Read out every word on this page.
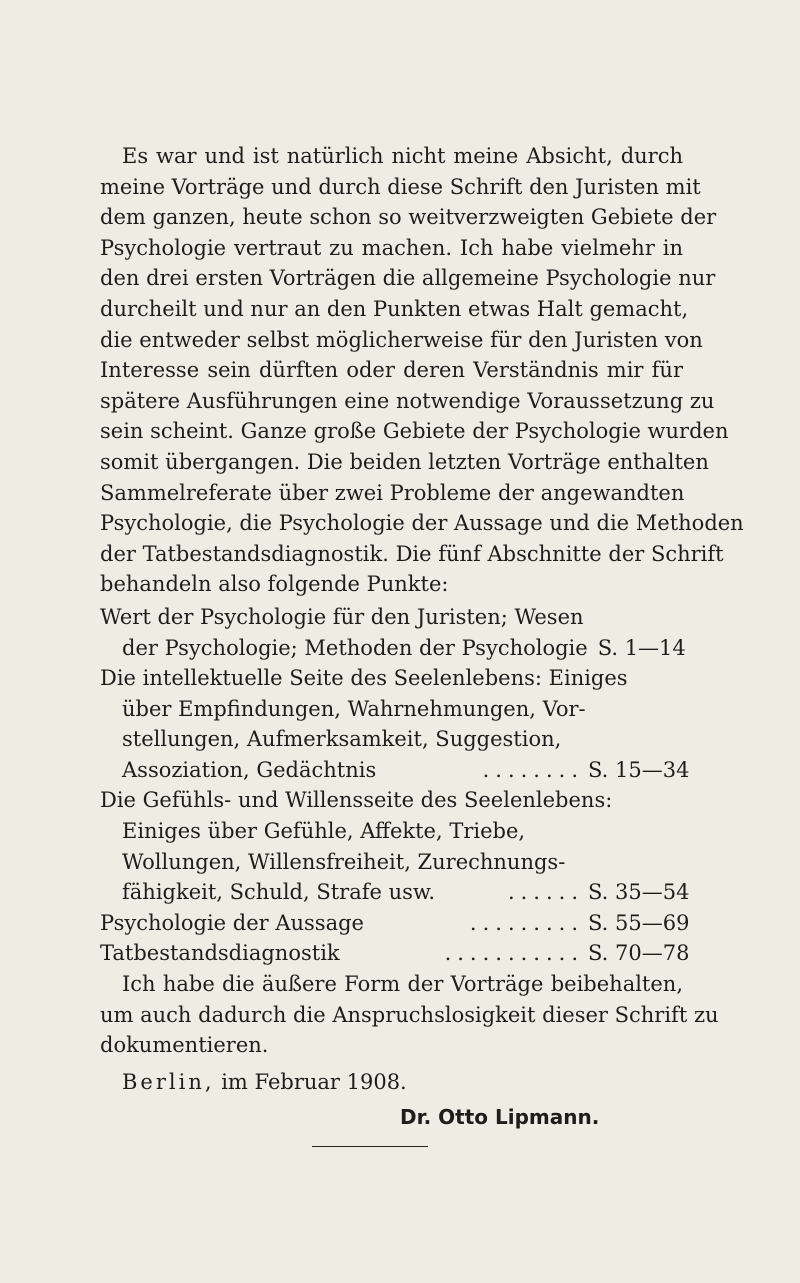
Es war und ist natürlich nicht meine Absicht, durch
meine Vorträge und durch diese Schrift den Juristen mit
dem ganzen, heute schon so weitverzweigten Gebiete der
Psychologie vertraut zu machen. Ich habe vielmehr in
den drei ersten Vorträgen die allgemeine Psychologie nur
durcheilt und nur an den Punkten etwas Halt gemacht,
die entweder selbst möglicherweise für den Juristen von
Interesse sein dürften oder deren Verständnis mir für
spätere Ausführungen eine notwendige Voraussetzung zu
sein scheint. Ganze große Gebiete der Psychologie wurden
somit übergangen. Die beiden letzten Vorträge enthalten
Sammelreferate über zwei Probleme der angewandten
Psychologie, die Psychologie der Aussage und die Methoden
der Tatbestandsdiagnostik. Die fünf Abschnitte der Schrift
behandeln also folgende Punkte:

Wert der Psychologie für den Juristen; Wesen
der Psychologie; Methoden der Psychologie S. 1—14
Die intellektuelle Seite des Seelenlebens: Einiges
über Empfindungen, Wahrnehmungen, Vor-
stellungen, Aufmerksamkeit, Suggestion,
Assoziation, Gedächtnis	........ S. 15—34
Die Gefühls- und Willensseite des Seelenlebens:
Einiges über Gefühle, Affekte, Triebe,
Wollungen, Willensfreiheit, Zurechnungs-
fähigkeit, Schuld, Strafe usw.	...... S. 35—54
Psychologie der Aussage	......... S. 55—69
Tatbestandsdiagnostik	........... S. 70—78

Ich habe die äußere Form der Vorträge beibehalten,
um auch dadurch die Anspruchslosigkeit dieser Schrift zu
dokumentieren.

Berlin, im Februar 1908.
Dr. Otto Lipmann.
